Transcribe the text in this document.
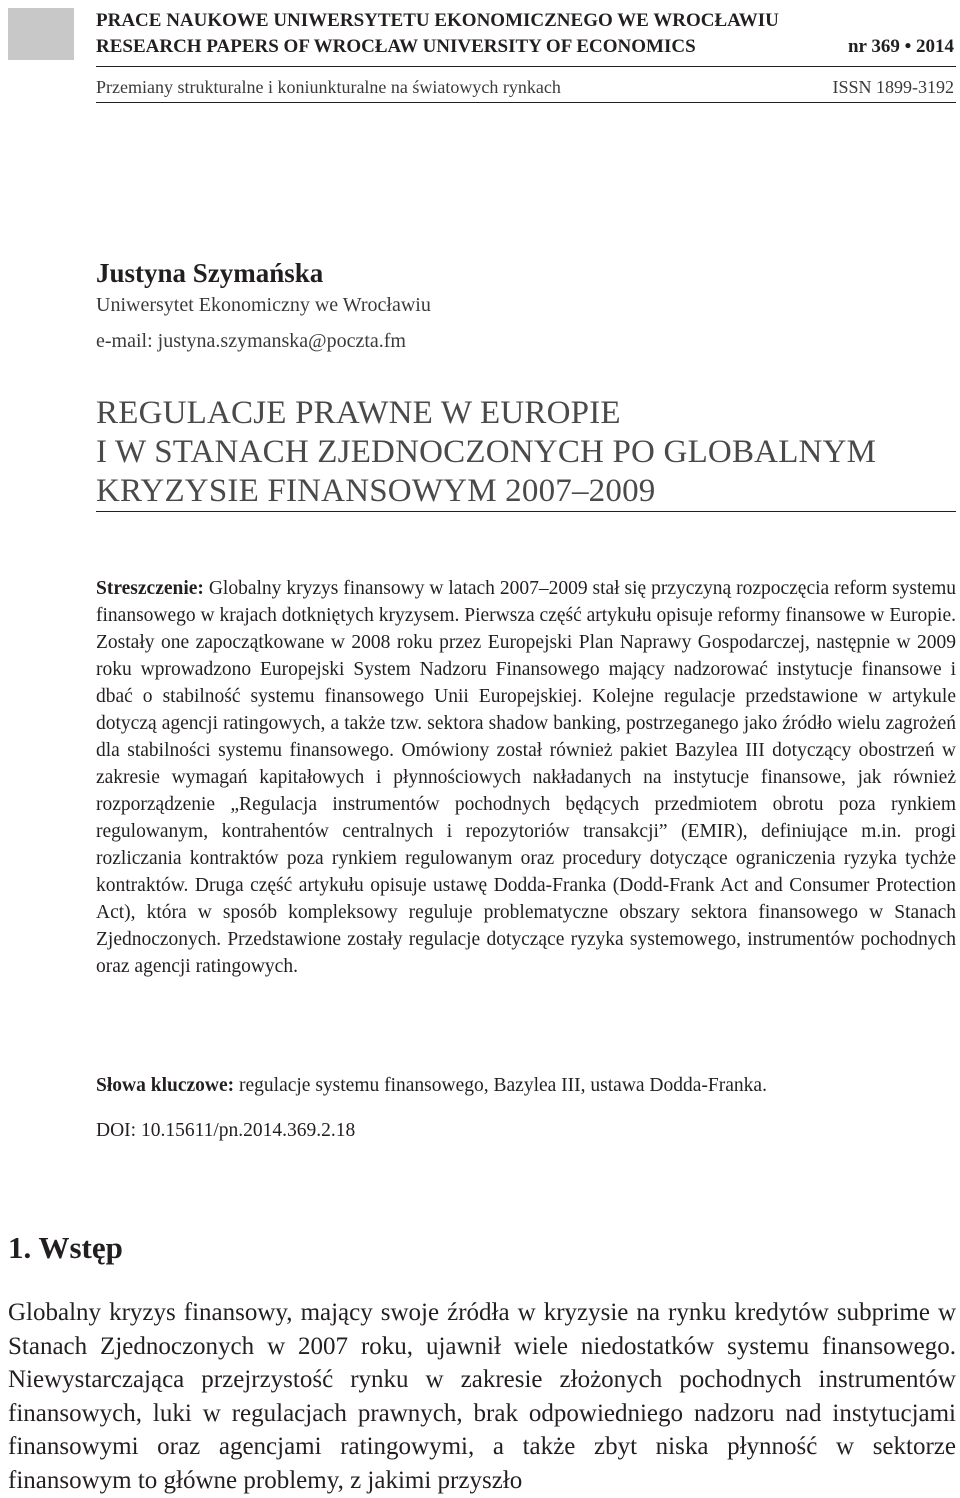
PRACE NAUKOWE UNIWERSYTETU EKONOMICZNEGO WE WROCŁAWIU
RESEARCH PAPERS OF WROCŁAW UNIVERSITY OF ECONOMICS	nr 369 • 2014
Przemiany strukturalne i koniunkturalne na światowych rynkach	ISSN 1899-3192
Justyna Szymańska
Uniwersytet Ekonomiczny we Wrocławiu
e-mail: justyna.szymanska@poczta.fm
REGULACJE PRAWNE W EUROPIE
I W STANACH ZJEDNOCZONYCH PO GLOBALNYM
KRYZYSIE FINANSOWYM 2007–2009
Streszczenie: Globalny kryzys finansowy w latach 2007–2009 stał się przyczyną rozpoczęcia reform systemu finansowego w krajach dotkniętych kryzysem. Pierwsza część artykułu opisuje reformy finansowe w Europie. Zostały one zapoczątkowane w 2008 roku przez Europejski Plan Naprawy Gospodarczej, następnie w 2009 roku wprowadzono Europejski System Nadzoru Finansowego mający nadzorować instytucje finansowe i dbać o stabilność systemu finansowego Unii Europejskiej. Kolejne regulacje przedstawione w artykule dotyczą agencji ratingowych, a także tzw. sektora shadow banking, postrzeganego jako źródło wielu zagrożeń dla stabilności systemu finansowego. Omówiony został również pakiet Bazylea III dotyczący obostrzeń w zakresie wymagań kapitałowych i płynnościowych nakładanych na instytucje finansowe, jak również rozporządzenie „Regulacja instrumentów pochodnych będących przedmiotem obrotu poza rynkiem regulowanym, kontrahentów centralnych i repozytoriów transakcji” (EMIR), definiujące m.in. progi rozliczania kontraktów poza rynkiem regulowanym oraz procedury dotyczące ograniczenia ryzyka tychże kontraktów. Druga część artykułu opisuje ustawę Dodda-Franka (Dodd-Frank Act and Consumer Protection Act), która w sposób kompleksowy reguluje problematyczne obszary sektora finansowego w Stanach Zjednoczonych. Przedstawione zostały regulacje dotyczące ryzyka systemowego, instrumentów pochodnych oraz agencji ratingowych.
Słowa kluczowe: regulacje systemu finansowego, Bazylea III, ustawa Dodda-Franka.
DOI: 10.15611/pn.2014.369.2.18
1. Wstęp
Globalny kryzys finansowy, mający swoje źródła w kryzysie na rynku kredytów subprime w Stanach Zjednoczonych w 2007 roku, ujawnił wiele niedostatków systemu finansowego. Niewystarczająca przejrzystość rynku w zakresie złożonych pochodnych instrumentów finansowych, luki w regulacjach prawnych, brak odpowiedniego nadzoru nad instytucjami finansowymi oraz agencjami ratingowymi, a także zbyt niska płynność w sektorze finansowym to główne problemy, z jakimi przyszło
